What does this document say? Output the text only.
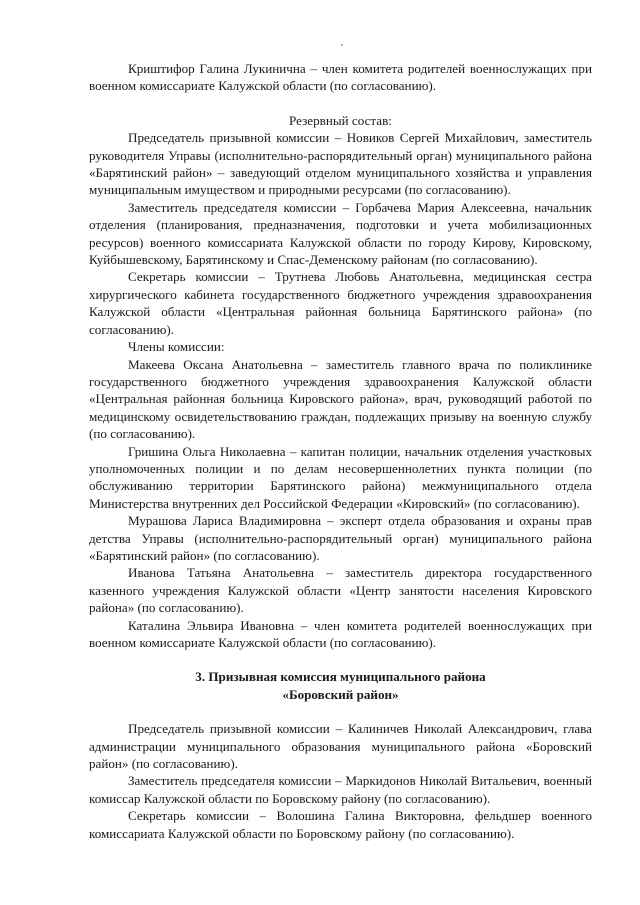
Криштифор Галина Лукинична – член комитета родителей военнослужащих при военном комиссариате Калужской области (по согласованию).

Резервный состав:

Председатель призывной комиссии – Новиков Сергей Михайлович, заместитель руководителя Управы (исполнительно-распорядительный орган) муниципального района «Барятинский район» – заведующий отделом муниципального хозяйства и управления муниципальным имуществом и природными ресурсами (по согласованию).

Заместитель председателя комиссии – Горбачева Мария Алексеевна, начальник отделения (планирования, предназначения, подготовки и учета мобилизационных ресурсов) военного комиссариата Калужской области по городу Кирову, Кировскому, Куйбышевскому, Барятинскому и Спас-Деменскому районам (по согласованию).

Секретарь комиссии – Трутнева Любовь Анатольевна, медицинская сестра хирургического кабинета государственного бюджетного учреждения здравоохранения Калужской области «Центральная районная больница Барятинского района» (по согласованию).

Члены комиссии:

Макеева Оксана Анатольевна – заместитель главного врача по поликлинике государственного бюджетного учреждения здравоохранения Калужской области «Центральная районная больница Кировского района», врач, руководящий работой по медицинскому освидетельствованию граждан, подлежащих призыву на военную службу (по согласованию).

Гришина Ольга Николаевна – капитан полиции, начальник отделения участковых уполномоченных полиции и по делам несовершеннолетних пункта полиции (по обслуживанию территории Барятинского района) межмуниципального отдела Министерства внутренних дел Российской Федерации «Кировский» (по согласованию).

Мурашова Лариса Владимировна – эксперт отдела образования и охраны прав детства Управы (исполнительно-распорядительный орган) муниципального района «Барятинский район» (по согласованию).

Иванова Татьяна Анатольевна – заместитель директора государственного казенного учреждения Калужской области «Центр занятости населения Кировского района» (по согласованию).

Каталина Эльвира Ивановна – член комитета родителей военнослужащих при военном комиссариате Калужской области (по согласованию).

3. Призывная комиссия муниципального района

«Боровский район»

Председатель призывной комиссии – Калиничев Николай Александрович, глава администрации муниципального образования муниципального района «Боровский район» (по согласованию).

Заместитель председателя комиссии – Маркидонов Николай Витальевич, военный комиссар Калужской области по Боровскому району (по согласованию).

Секретарь комиссии – Волошина Галина Викторовна, фельдшер военного комиссариата Калужской области по Боровскому району (по согласованию).
